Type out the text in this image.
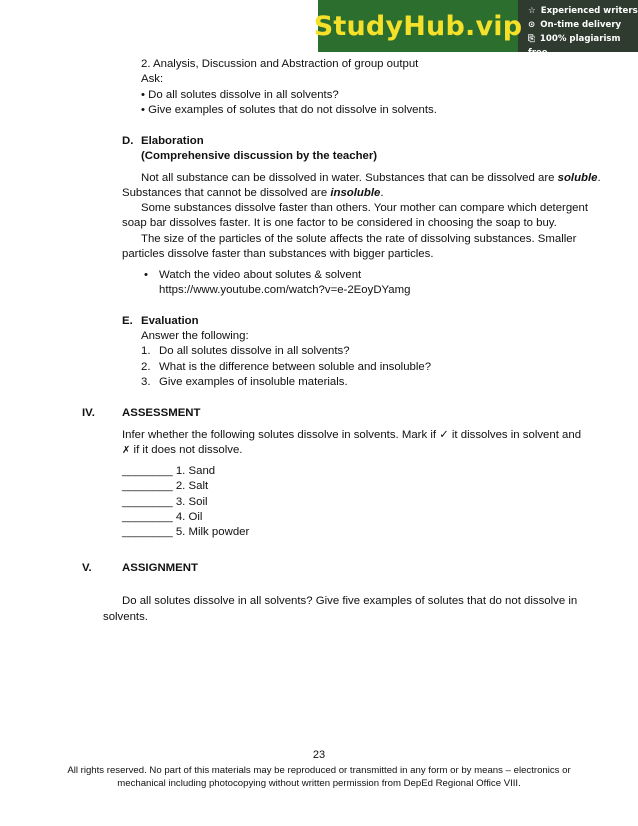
StudyHub.vip ☆ Experienced writers
⊙ On-time delivery
⎘ 100% plagiarism free
2. Analysis, Discussion and Abstraction of group output
Ask:
• Do all solutes dissolve in all solvents?
• Give examples of solutes that do not dissolve in solvents.
D. Elaboration
(Comprehensive discussion by the teacher)
Not all substance can be dissolved in water. Substances that can be dissolved are soluble.
Substances that cannot be dissolved are insoluble.
Some substances dissolve faster than others. Your mother can compare which detergent
soap bar dissolves faster. It is one factor to be considered in choosing the soap to buy.
The size of the particles of the solute affects the rate of dissolving substances. Smaller
particles dissolve faster than substances with bigger particles.
• Watch the video about solutes & solvent
https://www.youtube.com/watch?v=e-2EoyDYamg
E. Evaluation
Answer the following:
1. Do all solutes dissolve in all solvents?
2. What is the difference between soluble and insoluble?
3. Give examples of insoluble materials.
IV. ASSESSMENT
Infer whether the following solutes dissolve in solvents. Mark if ✓ it dissolves in solvent and
✗ if it does not dissolve.
________ 1. Sand
________ 2. Salt
________ 3. Soil
________ 4. Oil
________ 5. Milk powder
V.	ASSIGNMENT
Do all solutes dissolve in all solvents? Give five examples of solutes that do not dissolve in
solvents.
23
All rights reserved. No part of this materials may be reproduced or transmitted in any form or by means – electronics or
mechanical including photocopying without written permission from DepEd Regional Office VIII.
